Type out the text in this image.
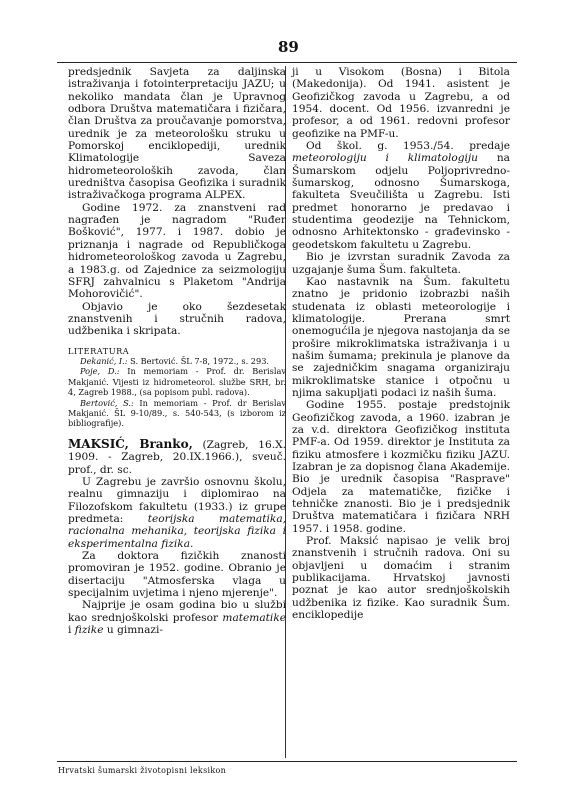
89

predsjednik Savjeta za daljinska istraživanja i fotointerpretaciju JAZU; u nekoliko mandata član je Upravnog odbora Društva matematičara i fizičara, član Društva za proučavanje pomorstva, urednik je za meteorološku struku u Pomorskoj enciklopediji, urednik Klimatologije Saveza hidrometeoroloških zavoda, član uredništva časopisa Geofizika i suradnik istraživačkoga programa ALPEX.

Godine 1972. za znanstveni rad nagrađen je nagradom "Ruđer Bošković", 1977. i 1987. dobio je priznanja i nagrade od Republičkoga hidrometeorološkog zavoda u Zagrebu, a 1983.g. od Zajednice za seizmologiju SFRJ zahvalnicu s Plaketom "Andrija Mohorovičić".

Objavio je oko šezdesetak znanstvenih i stručnih radova, udžbenika i skripata.

LITERATURA
Dekanić, I.: S. Bertović. ŠL 7-8, 1972., s. 293.
Poje, D.: In memoriam - Prof. dr. Berislav Makjanić. Vijesti iz hidrometeorol. službe SRH, br. 4, Zagreb 1988., (sa popisom publ. radova).
Bertović, S.: In memoriam - Prof. dr Berislav Makjanić. ŠL 9-10/89., s. 540-543, (s izborom iz bibliografije).

MAKSIĆ, Branko, (Zagreb, 16.X. 1909. - Zagreb, 20.IX.1966.), sveuč. prof., dr. sc.

U Zagrebu je završio osnovnu školu, realnu gimnaziju i diplomirao na Filozofskom fakultetu (1933.) iz grupe predmeta: teorijska matematika, racionalna mehanika, teorijska fizika i eksperimentalna fizika.

Za doktora fizičkih znanosti promoviran je 1952. godine. Obranio je disertaciju "Atmosferska vlaga u specijalnim uvjetima i njeno mjerenje".

Najprije je osam godina bio u službi kao srednjoškolski profesor matematike i fizike u gimnazi-

ji u Visokom (Bosna) i Bitola (Makedonija). Od 1941. asistent je Geofizičkog zavoda u Zagrebu, a od 1954. docent. Od 1956. izvanredni je profesor, a od 1961. redovni profesor geofizike na PMF-u.

Od škol. g. 1953./54. predaje meteorologiju i klimatologiju na Šumarskom odjelu Poljoprivredno-šumarskog, odnosno Šumarskoga, fakulteta Sveučilišta u Zagrebu. Isti predmet honorarno je predavao i studentima geodezije na Tehnickom, odnosno Arhitektonsko - građevinsko - geodetskom fakultetu u Zagrebu.

Bio je izvrstan suradnik Zavoda za uzgajanje šuma Šum. fakulteta.

Kao nastavnik na Šum. fakultetu znatno je pridonio izobrazbi naših studenata iz oblasti meteorologije i klimatologije. Prerana smrt onemogućila je njegova nastojanja da se prošire mikroklimatska istraživanja i u našim šumama; prekinula je planove da se zajedničkim snagama organiziraju mikroklimatske stanice i otpočnu u njima sakupljati podaci iz naših šuma.

Godine 1955. postaje predstojnik Geofizičkog zavoda, a 1960. izabran je za v.d. direktora Geofizičkog instituta PMF-a. Od 1959. direktor je Instituta za fiziku atmosfere i kozmičku fiziku JAZU. Izabran je za dopisnog člana Akademije. Bio je urednik časopisa "Rasprave" Odjela za matematičke, fizičke i tehničke znanosti. Bio je i predsjednik Društva matematičara i fizičara NRH 1957. i 1958. godine.

Prof. Maksić napisao je velik broj znanstvenih i stručnih radova. Oni su objavljeni u domaćim i stranim publikacijama. Hrvatskoj javnosti poznat je kao autor srednjoškolskih udžbenika iz fizike. Kao suradnik Šum. enciklopedije

Hrvatski šumarski životopisni leksikon
